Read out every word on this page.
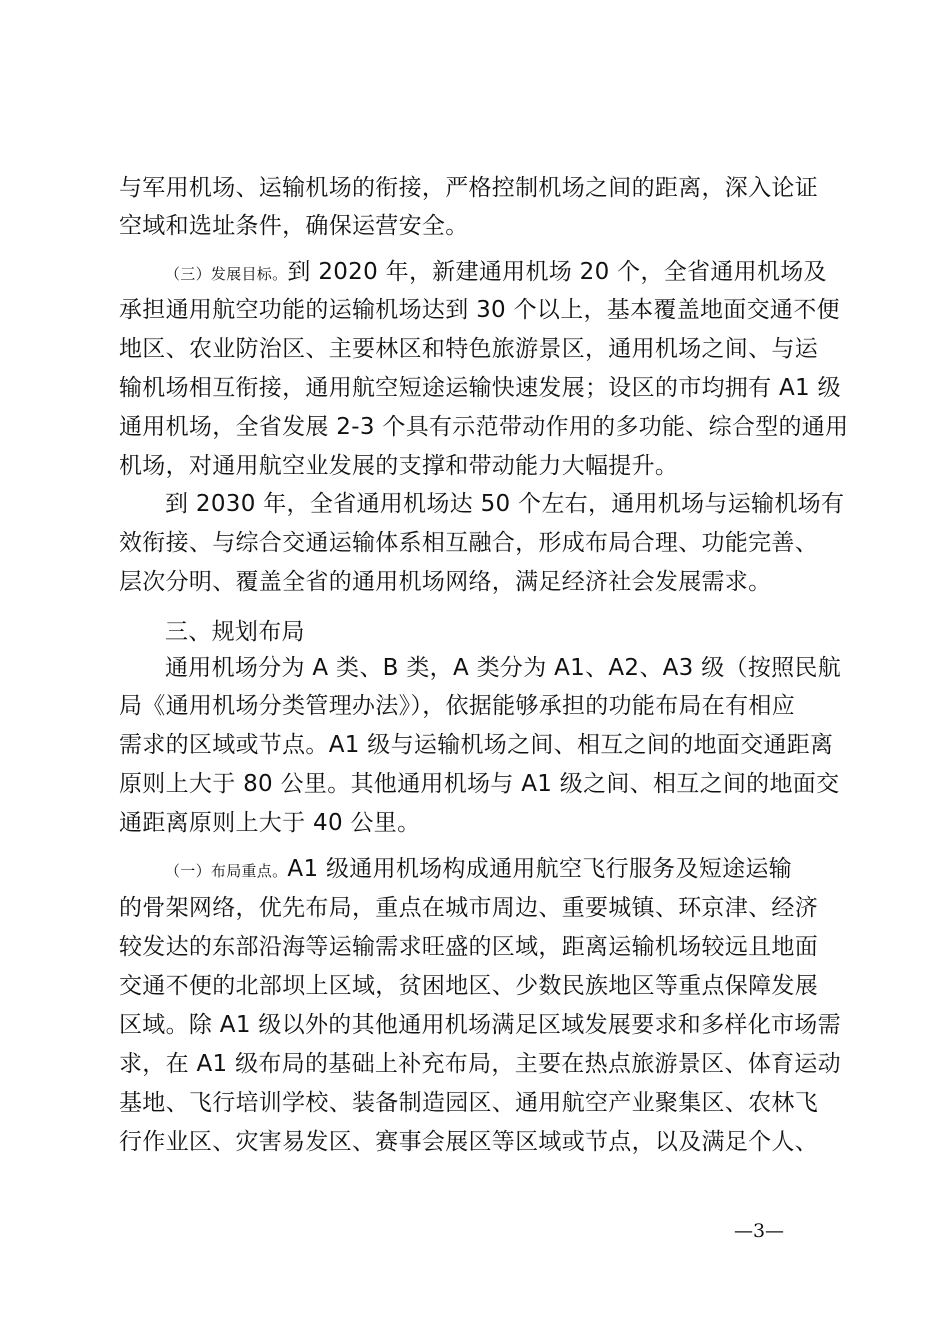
与军用机场、运输机场的衔接，严格控制机场之间的距离，深入论证
空域和选址条件，确保运营安全。
（三）发展目标。到 2020 年，新建通用机场 20 个，全省通用机场及
承担通用航空功能的运输机场达到 30 个以上，基本覆盖地面交通不便
地区、农业防治区、主要林区和特色旅游景区，通用机场之间、与运
输机场相互衔接，通用航空短途运输快速发展；设区的市均拥有 A1 级
通用机场，全省发展 2-3 个具有示范带动作用的多功能、综合型的通用
机场，对通用航空业发展的支撑和带动能力大幅提升。
到 2030 年，全省通用机场达 50 个左右，通用机场与运输机场有
效衔接、与综合交通运输体系相互融合，形成布局合理、功能完善、
层次分明、覆盖全省的通用机场网络，满足经济社会发展需求。
三、规划布局
通用机场分为 A 类、B 类，A 类分为 A1、A2、A3 级（按照民航
局《通用机场分类管理办法》），依据能够承担的功能布局在有相应
需求的区域或节点。A1 级与运输机场之间、相互之间的地面交通距离
原则上大于 80 公里。其他通用机场与 A1 级之间、相互之间的地面交
通距离原则上大于 40 公里。
（一）布局重点。A1 级通用机场构成通用航空飞行服务及短途运输
的骨架网络，优先布局，重点在城市周边、重要城镇、环京津、经济
较发达的东部沿海等运输需求旺盛的区域，距离运输机场较远且地面
交通不便的北部坝上区域，贫困地区、少数民族地区等重点保障发展
区域。除 A1 级以外的其他通用机场满足区域发展要求和多样化市场需
求，在 A1 级布局的基础上补充布局，主要在热点旅游景区、体育运动
基地、飞行培训学校、装备制造园区、通用航空产业聚集区、农林飞
行作业区、灾害易发区、赛事会展区等区域或节点，以及满足个人、
—3—
